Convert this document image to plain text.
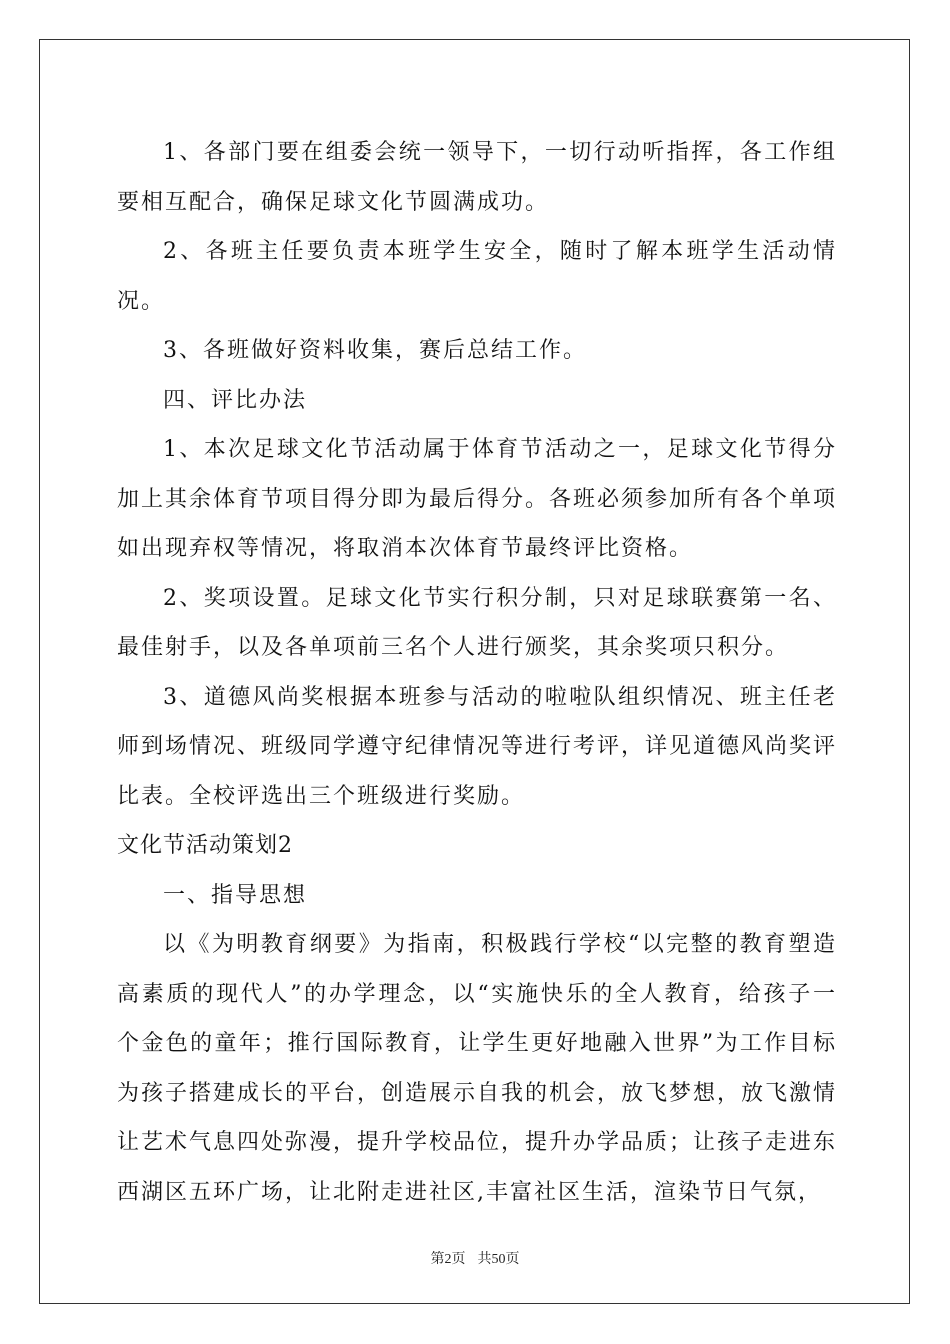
1、各部门要在组委会统一领导下，一切行动听指挥，各工作组要相互配合，确保足球文化节圆满成功。

2、各班主任要负责本班学生安全，随时了解本班学生活动情况。

3、各班做好资料收集，赛后总结工作。

四、评比办法

1、本次足球文化节活动属于体育节活动之一，足球文化节得分加上其余体育节项目得分即为最后得分。各班必须参加所有各个单项如出现弃权等情况，将取消本次体育节最终评比资格。

2、奖项设置。足球文化节实行积分制，只对足球联赛第一名、最佳射手，以及各单项前三名个人进行颁奖，其余奖项只积分。

3、道德风尚奖根据本班参与活动的啦啦队组织情况、班主任老师到场情况、班级同学遵守纪律情况等进行考评，详见道德风尚奖评比表。全校评选出三个班级进行奖励。

文化节活动策划2

一、指导思想

以《为明教育纲要》为指南，积极践行学校“以完整的教育塑造高素质的现代人”的办学理念，以“实施快乐的全人教育，给孩子一个金色的童年；推行国际教育，让学生更好地融入世界”为工作目标为孩子搭建成长的平台，创造展示自我的机会，放飞梦想，放飞激情让艺术气息四处弥漫，提升学校品位，提升办学品质；让孩子走进东西湖区五环广场，让北附走进社区,丰富社区生活，渲染节日气氛，

第2页 共50页
